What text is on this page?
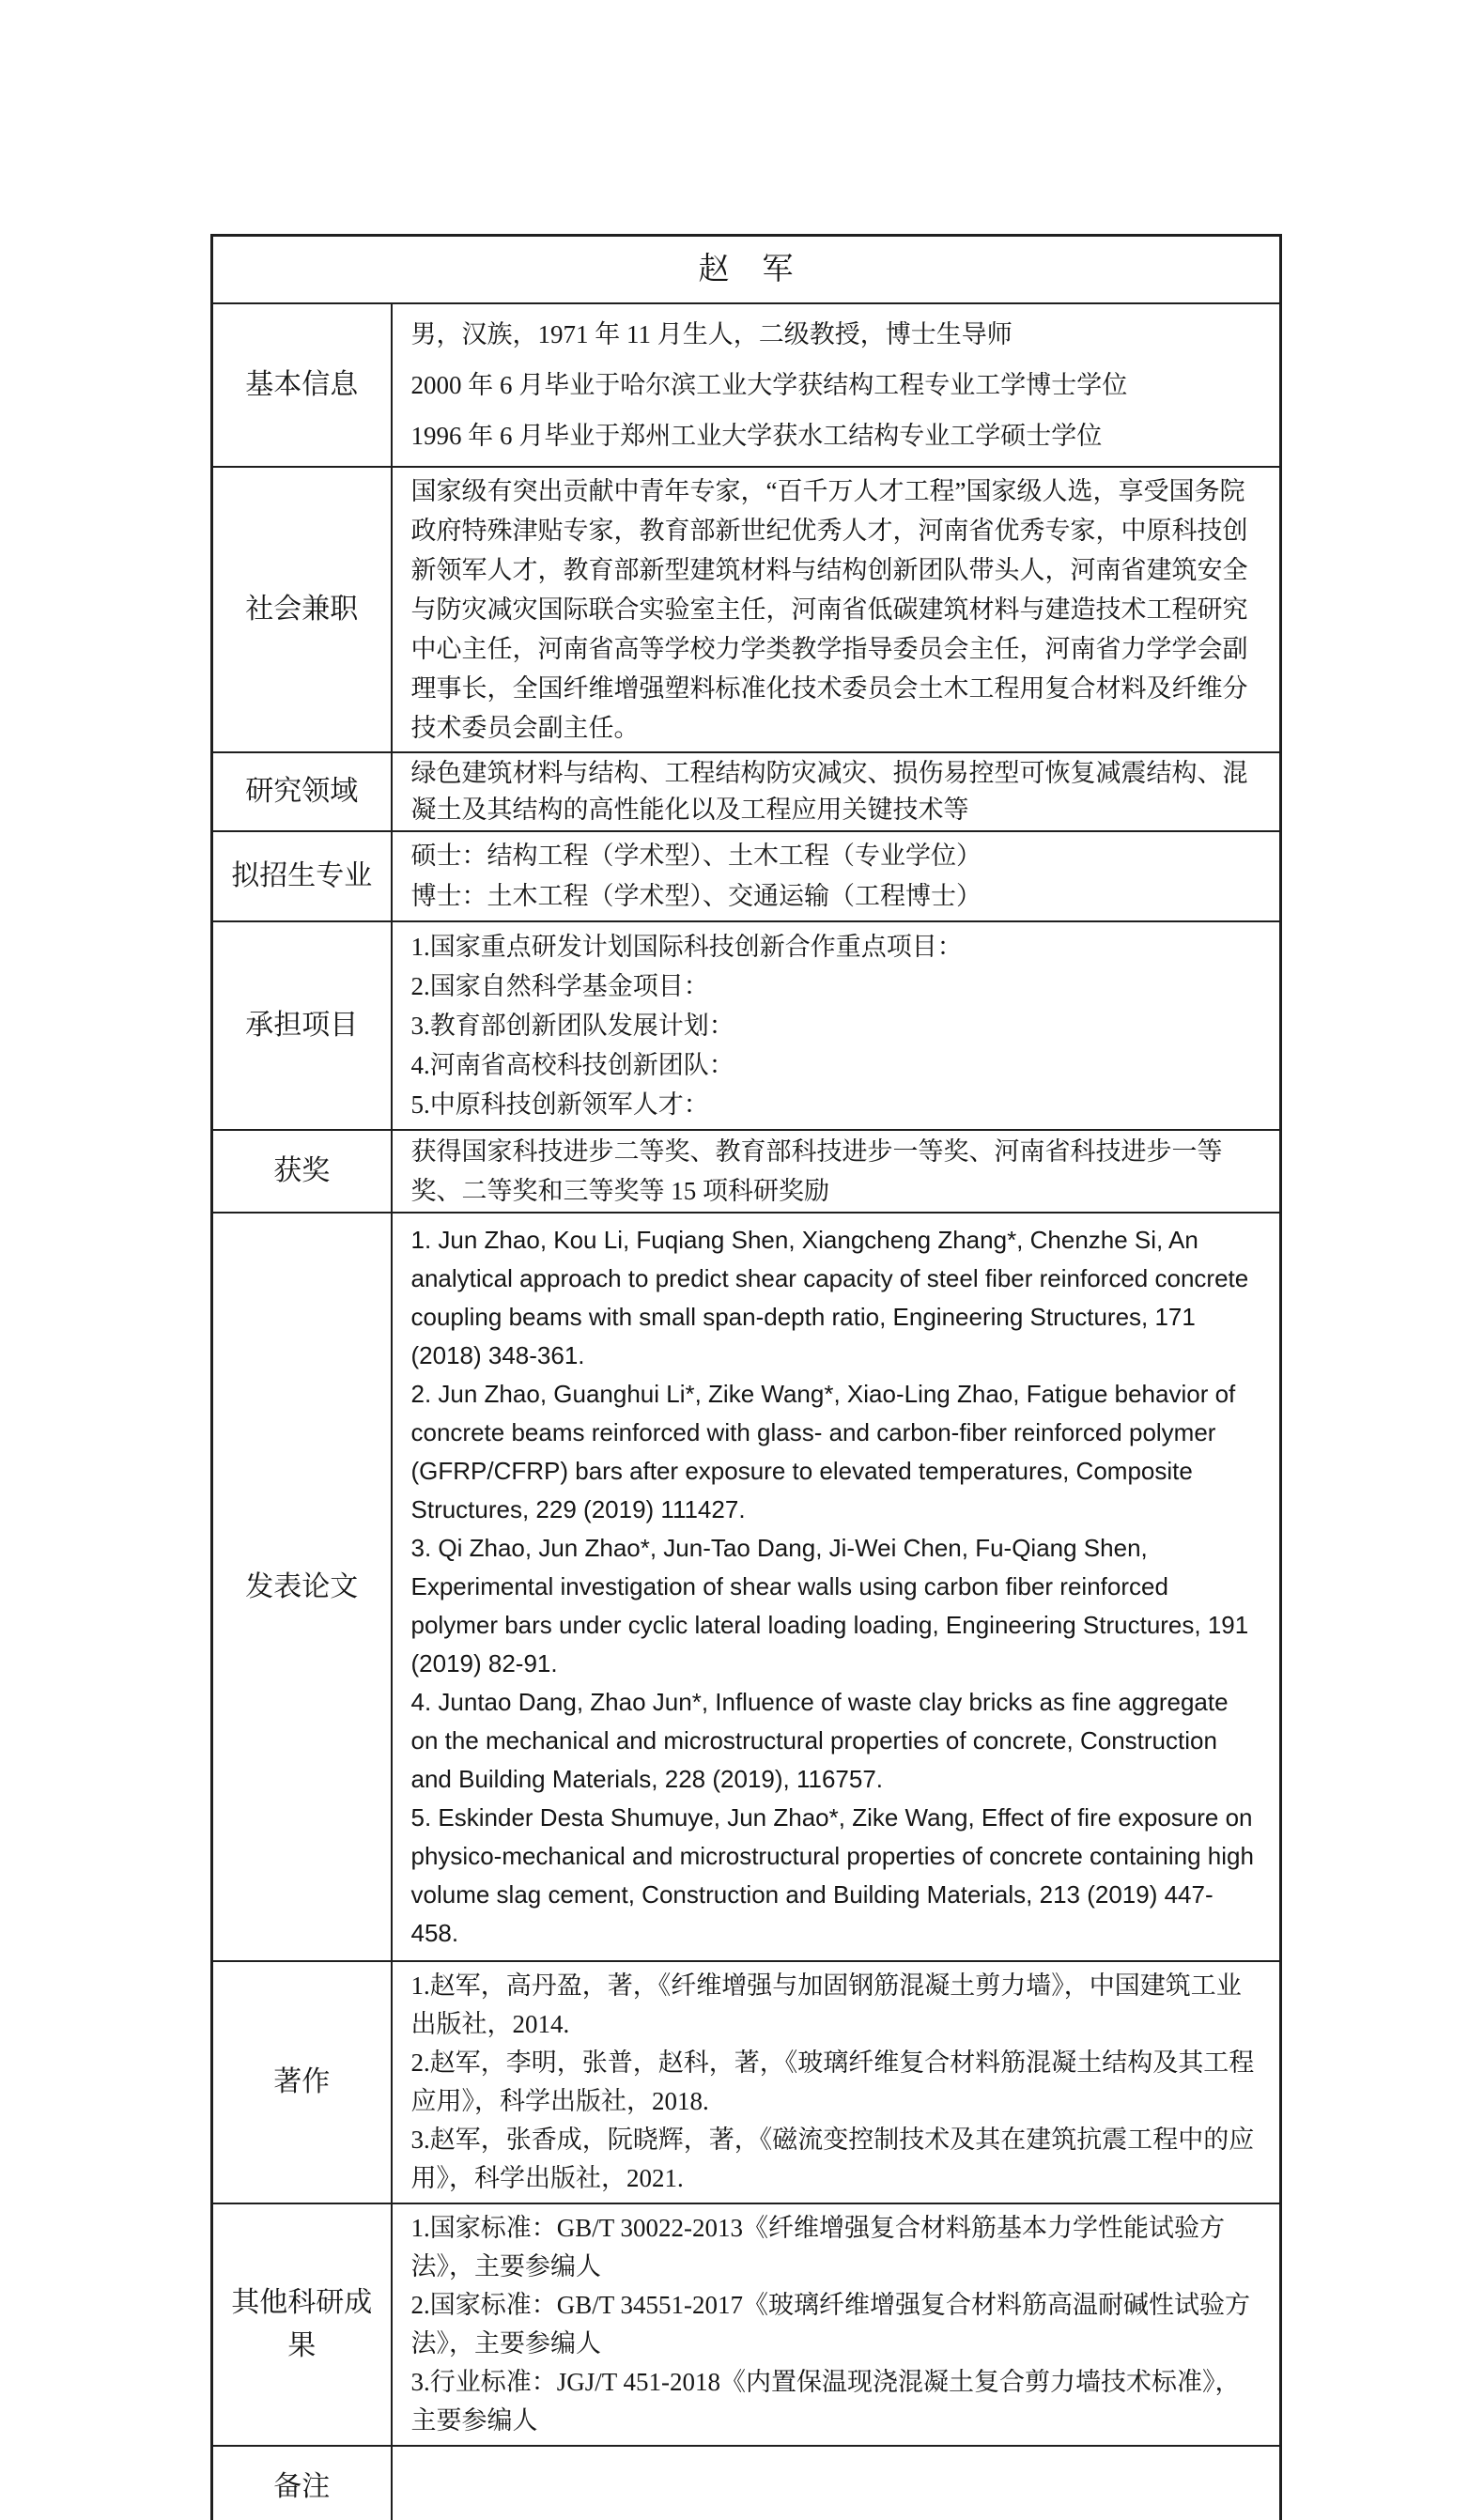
赵　军	
基本信息	男，汉族，1971 年 11 月生人，二级教授，博士生导师
2000 年 6 月毕业于哈尔滨工业大学获结构工程专业工学博士学位
1996 年 6 月毕业于郑州工业大学获水工结构专业工学硕士学位

社会兼职	国家级有突出贡献中青年专家，“百千万人才工程”国家级人选，享受国务院政府特殊津贴专家，教育部新世纪优秀人才，河南省优秀专家，中原科技创新领军人才，教育部新型建筑材料与结构创新团队带头人，河南省建筑安全与防灾减灾国际联合实验室主任，河南省低碳建筑材料与建造技术工程研究中心主任，河南省高等学校力学类教学指导委员会主任，河南省力学学会副理事长，全国纤维增强塑料标准化技术委员会土木工程用复合材料及纤维分技术委员会副主任。
研究领域	绿色建筑材料与结构、工程结构防灾减灾、损伤易控型可恢复减震结构、混凝土及其结构的高性能化以及工程应用关键技术等
拟招生专业	硕士：结构工程（学术型）、土木工程（专业学位）
博士：土木工程（学术型）、交通运输（工程博士）

承担项目	1.国家重点研发计划国际科技创新合作重点项目：
2.国家自然科学基金项目：
3.教育部创新团队发展计划：
4.河南省高校科技创新团队：
5.中原科技创新领军人才：

获奖	获得国家科技进步二等奖、教育部科技进步一等奖、河南省科技进步一等奖、二等奖和三等奖等 15 项科研奖励
发表论文	1. Jun Zhao, Kou Li, Fuqiang Shen, Xiangcheng Zhang*, Chenzhe Si, An analytical approach to predict shear capacity of steel fiber reinforced concrete coupling beams with small span-depth ratio, Engineering Structures, 171 (2018) 348-361.
2. Jun Zhao, Guanghui Li*, Zike Wang*, Xiao-Ling Zhao, Fatigue behavior of concrete beams reinforced with glass- and carbon-fiber reinforced polymer (GFRP/CFRP) bars after exposure to elevated temperatures, Composite Structures, 229 (2019) 111427.
3. Qi Zhao, Jun Zhao*, Jun-Tao Dang, Ji-Wei Chen, Fu-Qiang Shen, Experimental investigation of shear walls using carbon fiber reinforced polymer bars under cyclic lateral loading loading, Engineering Structures, 191 (2019) 82-91.
4. Juntao Dang, Zhao Jun*, Influence of waste clay bricks as fine aggregate on the mechanical and microstructural properties of concrete, Construction and Building Materials, 228 (2019), 116757.
5. Eskinder Desta Shumuye, Jun Zhao*, Zike Wang, Effect of fire exposure on physico-mechanical and microstructural properties of concrete containing high volume slag cement, Construction and Building Materials, 213 (2019) 447-458.

著作	1.赵军，高丹盈，著，《纤维增强与加固钢筋混凝土剪力墙》，中国建筑工业出版社，2014.
2.赵军，李明，张普，赵科，著，《玻璃纤维复合材料筋混凝土结构及其工程应用》，科学出版社，2018.
3.赵军，张香成，阮晓辉，著，《磁流变控制技术及其在建筑抗震工程中的应用》，科学出版社，2021.

其他科研成果	1.国家标准：GB/T 30022-2013《纤维增强复合材料筋基本力学性能试验方法》，主要参编人
2.国家标准：GB/T 34551-2017《玻璃纤维增强复合材料筋高温耐碱性试验方法》，主要参编人
3.行业标准：JGJ/T 451-2018《内置保温现浇混凝土复合剪力墙技术标准》，主要参编人

备注	
